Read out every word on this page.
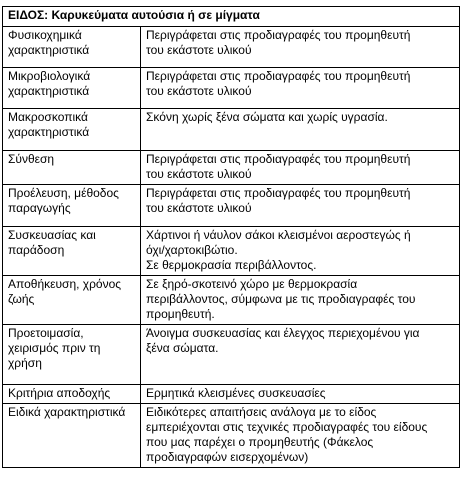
ΕΙΔΟΣ: Καρυκεύματα αυτούσια ή σε μίγματα	
Φυσικοχημικά χαρακτηριστικά	Περιγράφεται στις προδιαγραφές του προμηθευτή
του εκάστοτε υλικού

Μικροβιολογικά χαρακτηριστικά	Περιγράφεται στις προδιαγραφές του προμηθευτή
του εκάστοτε υλικού

Μακροσκοπικά χαρακτηριστικά	Σκόνη χωρίς ξένα σώματα και χωρίς υγρασία.

Σύνθεση	Περιγράφεται στις προδιαγραφές του προμηθευτή
του εκάστοτε υλικού

Προέλευση, μέθοδος παραγωγής	Περιγράφεται στις προδιαγραφές του προμηθευτή
του εκάστοτε υλικού

Συσκευασίας και παράδοση	Χάρτινοι ή νάυλον σάκοι κλεισμένοι αεροστεγώς ή
όχι/χαρτοκιβώτιο.
Σε θερμοκρασία περιβάλλοντος.

Αποθήκευση, χρόνος ζωής	Σε ξηρό-σκοτεινό χώρο με θερμοκρασία
περιβάλλοντος, σύμφωνα με τις προδιαγραφές του
προμηθευτή.

Προετοιμασία, χειρισμός πριν τη χρήση	Άνοιγμα συσκευασίας και έλεγχος περιεχομένου για
ξένα σώματα.

Κριτήρια αποδοχής	Ερμητικά κλεισμένες συσκευασίες

Ειδικά χαρακτηριστικά	Ειδικότερες απαιτήσεις ανάλογα με το είδος
εμπεριέχονται στις τεχνικές προδιαγραφές του είδους
που μας παρέχει ο προμηθευτής (Φάκελος
προδιαγραφών εισερχομένων)
